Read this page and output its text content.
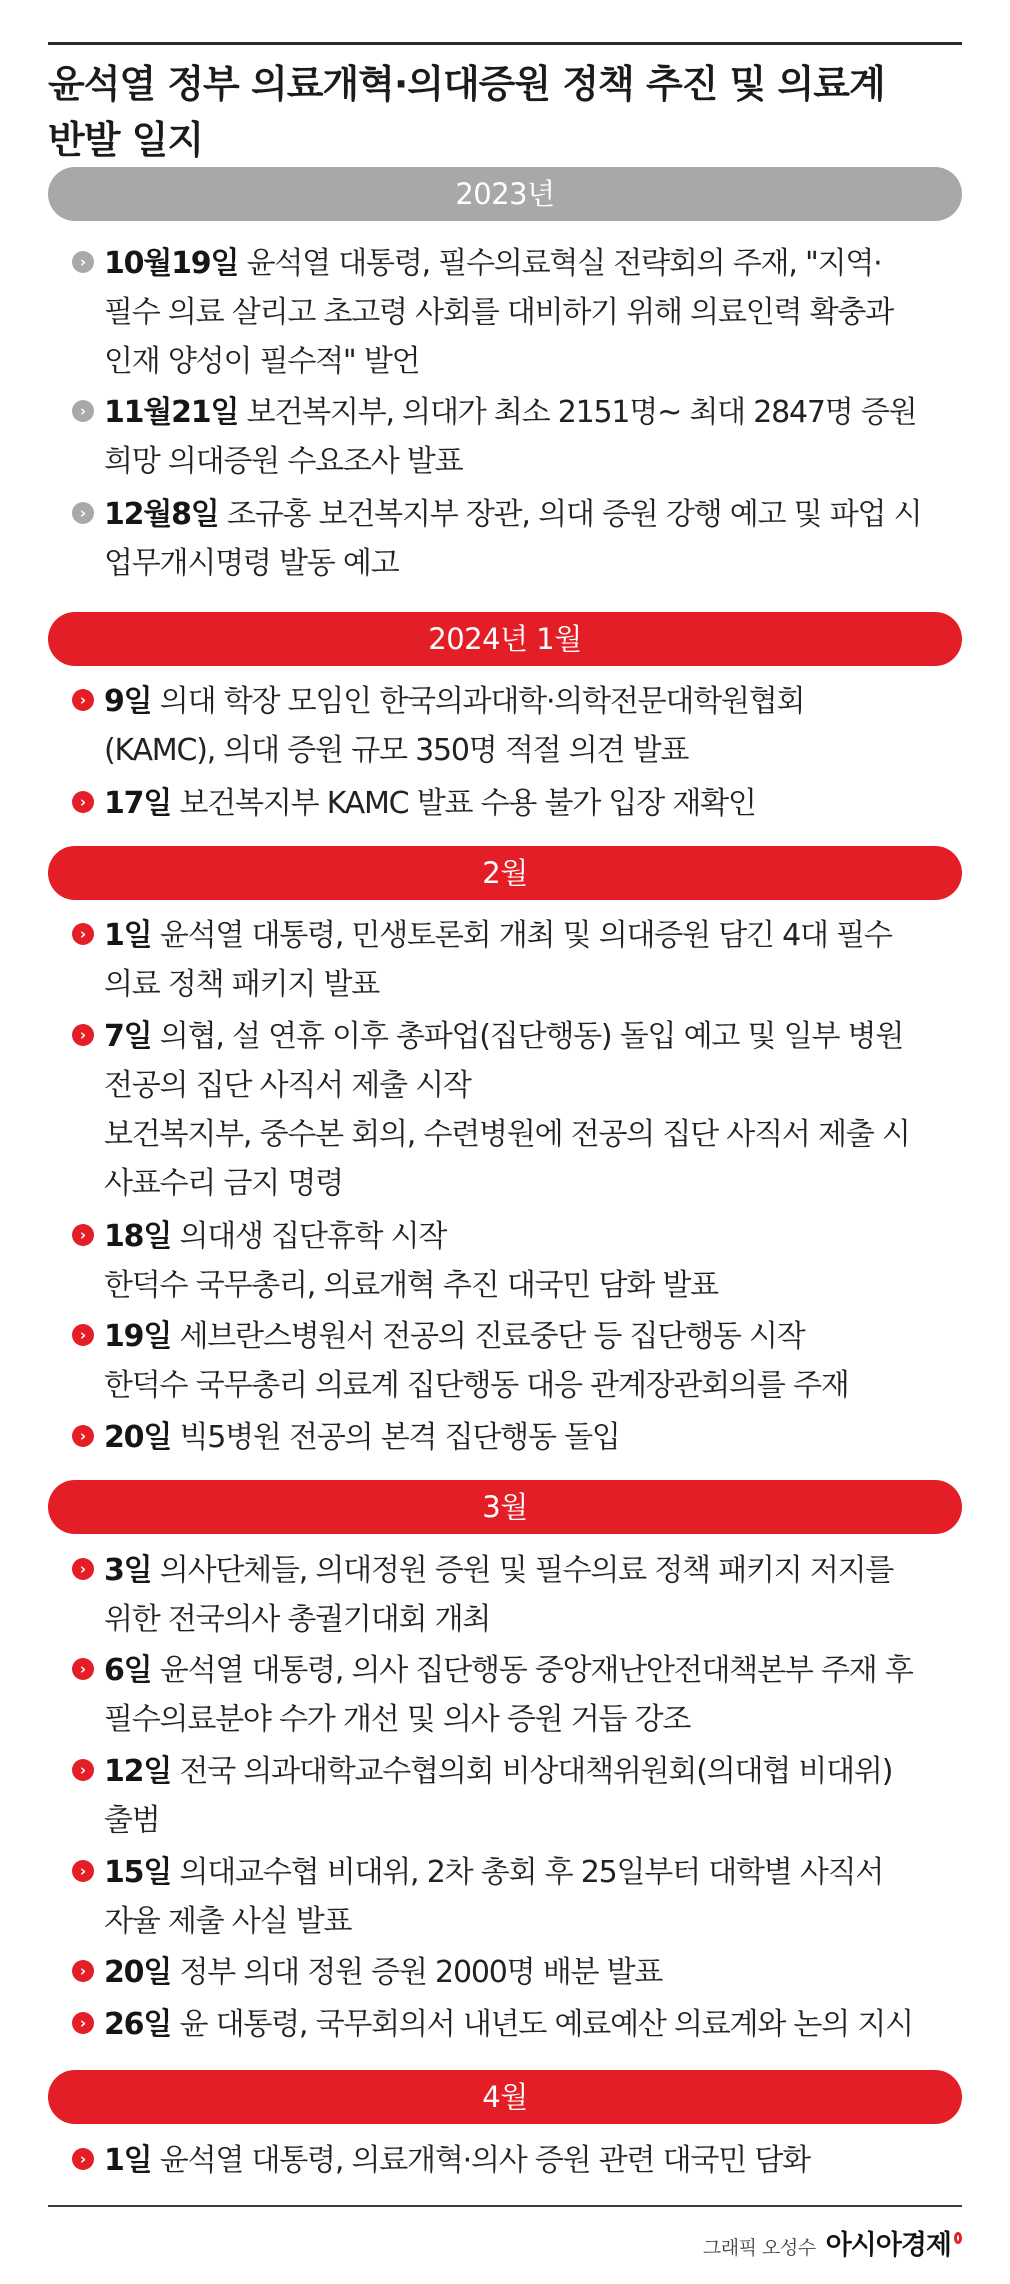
윤석열 정부 의료개혁·의대증원 정책 추진 및 의료계
반발 일지
2023년
› 10월19일 윤석열 대통령, 필수의료혁실 전략회의 주재, "지역·
필수 의료 살리고 초고령 사회를 대비하기 위해 의료인력 확충과
인재 양성이 필수적" 발언
› 11월21일 보건복지부, 의대가 최소 2151명~ 최대 2847명 증원
희망 의대증원 수요조사 발표
› 12월8일 조규홍 보건복지부 장관, 의대 증원 강행 예고 및 파업 시
업무개시명령 발동 예고
2024년 1월
› 9일 의대 학장 모임인 한국의과대학·의학전문대학원협회
(KAMC), 의대 증원 규모 350명 적절 의견 발표
› 17일 보건복지부 KAMC 발표 수용 불가 입장 재확인
2월
› 1일 윤석열 대통령, 민생토론회 개최 및 의대증원 담긴 4대 필수
의료 정책 패키지 발표
› 7일 의협, 설 연휴 이후 총파업(집단행동) 돌입 예고 및 일부 병원
전공의 집단 사직서 제출 시작
보건복지부, 중수본 회의, 수련병원에 전공의 집단 사직서 제출 시
사표수리 금지 명령
› 18일 의대생 집단휴학 시작
한덕수 국무총리, 의료개혁 추진 대국민 담화 발표
› 19일 세브란스병원서 전공의 진료중단 등 집단행동 시작
한덕수 국무총리 의료계 집단행동 대응 관계장관회의를 주재
› 20일 빅5병원 전공의 본격 집단행동 돌입
3월
› 3일 의사단체들, 의대정원 증원 및 필수의료 정책 패키지 저지를
위한 전국의사 총궐기대회 개최
› 6일 윤석열 대통령, 의사 집단행동 중앙재난안전대책본부 주재 후
필수의료분야 수가 개선 및 의사 증원 거듭 강조
› 12일 전국 의과대학교수협의회 비상대책위원회(의대협 비대위)
출범
› 15일 의대교수협 비대위, 2차 총회 후 25일부터 대학별 사직서
자율 제출 사실 발표
› 20일 정부 의대 정원 증원 2000명 배분 발표
› 26일 윤 대통령, 국무회의서 내년도 예료예산 의료계와 논의 지시
4월
› 1일 윤석열 대통령, 의료개혁·의사 증원 관련 대국민 담화
그래픽 오성수 아시아경제
